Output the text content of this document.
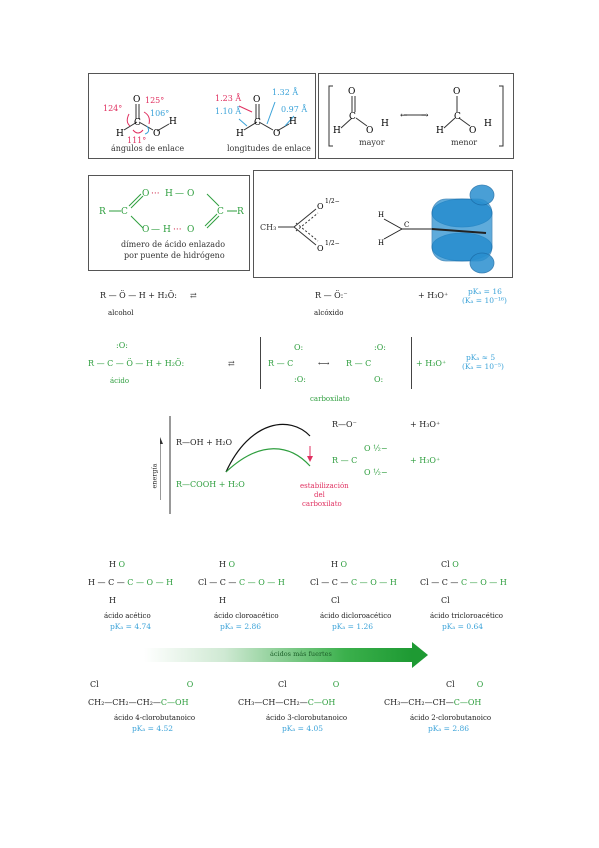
O
C
H	O
H
O
C
H	O
H
124°
125°
106°
111°
ángulos de enlace
1.23 Å
1.32 Å
1.10 Å	0.97 Å
longitudes de enlace
← →
O
C
H	O
H
O
C
H	O
H
mayor	menor
R C
O ··· H — O
O — H ··· O
C R
dímero de ácido enlazado
por puente de hidrógeno
O
1/2−
O
1/2−
H
H
C
CH₃
R — Ö — H + H₂Ö: ⇄	R — Ö:⁻	+ H₃O⁺
alcohol	alcóxido
pKₐ = 16
(Kₐ = 10⁻¹⁶)
R — C — Ö — H + H₂Ö:
:O:
⇄	R — C
O:
:O:
⟷ R — C
:O:
O:
+ H₃O⁺
ácido
carboxilato
pKₐ ≈ 5
(Kₐ = 10⁻⁵)
energía
R—OH + H₂O
R—COOH + H₂O
R—O⁻	+ H₃O⁺
R — C
O ½−
O ½−
+ H₃O⁺
estabilización
del
carboxilato
H O
H — C — C — O — H
H
ácido acético
pKₐ = 4.74
H O
Cl — C — C — O — H
H
ácido cloroacético
pKₐ = 2.86
H O
Cl — C — C — O — H
Cl
ácido dicloroacético
pKₐ = 1.26
Cl O
Cl — C — C — O — H
Cl
ácido tricloroacético
pKₐ = 0.64
ácidos más fuertes
Cl	O
CH₂—CH₂—CH₂—C—OH
ácido 4-clorobutanoico
pKₐ = 4.52
Cl	O
CH₃—CH—CH₂—C—OH
ácido 3-clorobutanoico
pKₐ = 4.05
Cl	O
CH₃—CH₂—CH—C—OH
ácido 2-clorobutanoico
pKₐ = 2.86
